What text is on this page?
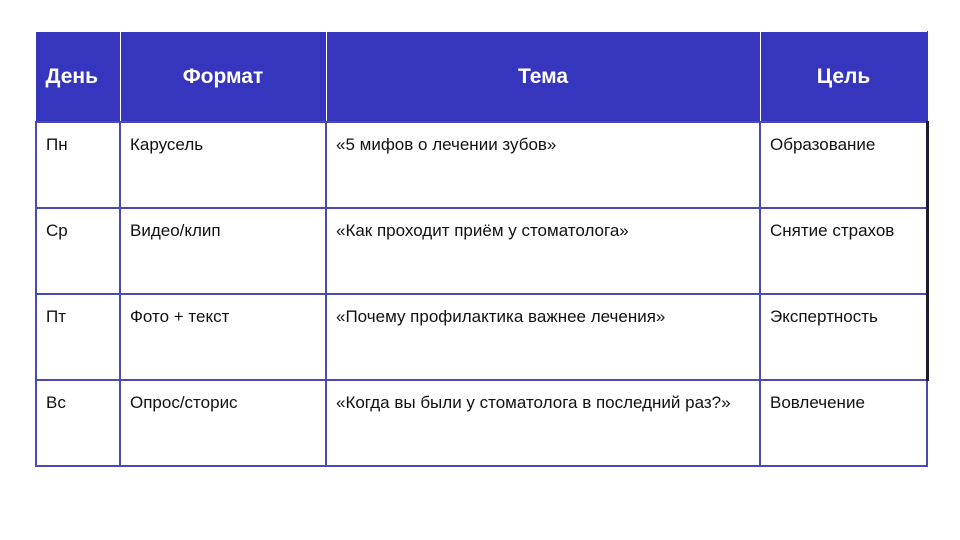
День	Формат	Тема	Цель
Пн	Карусель	«5 мифов о лечении зубов»	Образование
Ср	Видео/клип	«Как проходит приём у стоматолога»	Снятие страхов
Пт	Фото + текст	«Почему профилактика важнее лечения»	Экспертность
Вс	Опрос/сторис	«Когда вы были у стоматолога в последний раз?»	Вовлечение
